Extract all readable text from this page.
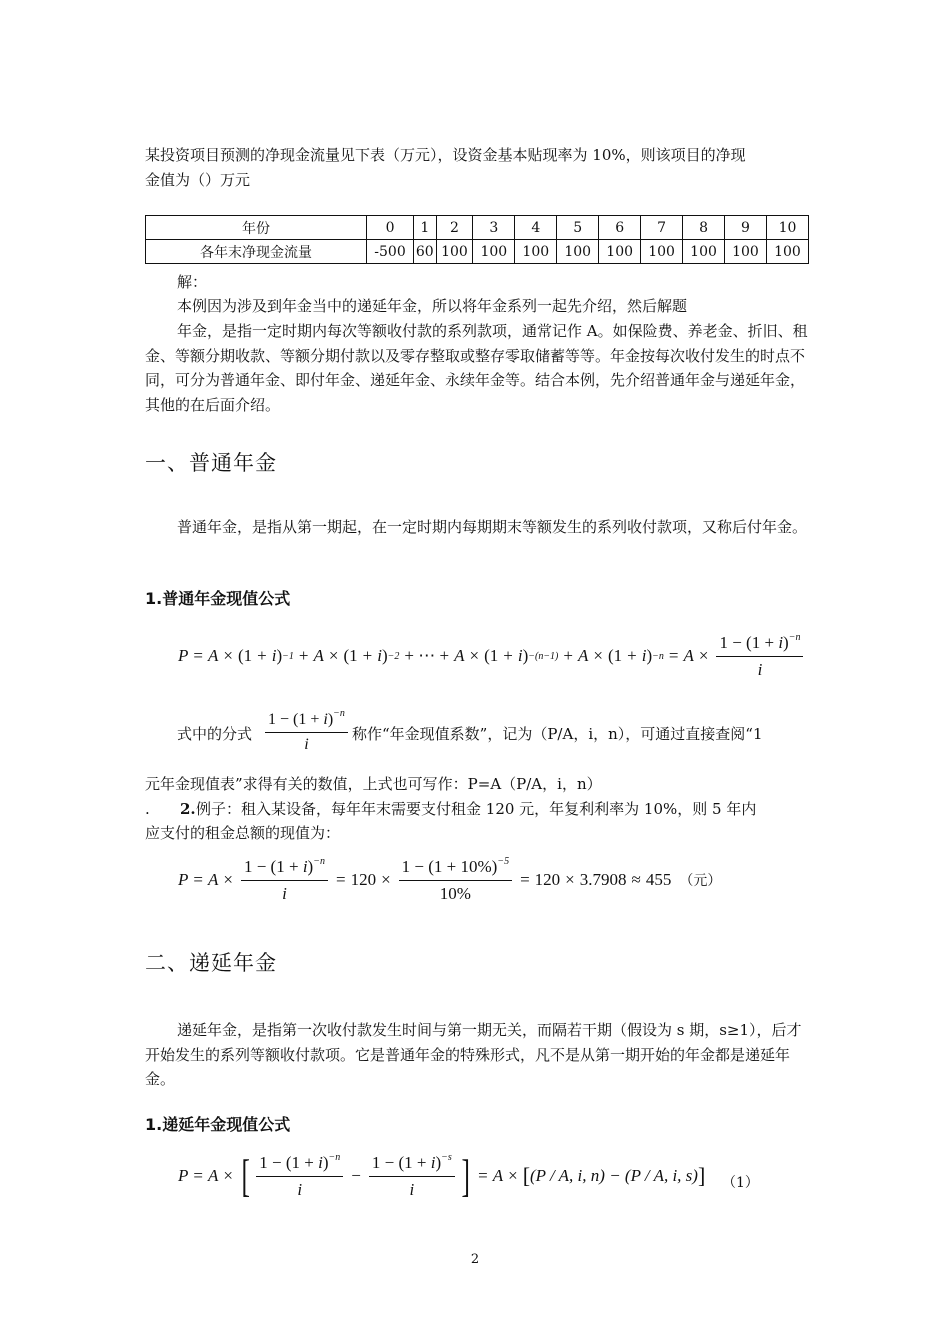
某投资项目预测的净现金流量见下表（万元），设资金基本贴现率为 10%，则该项目的净现

金值为（）万元

年份	0	1	2	3	4	5	6	7	8	9	10
各年末净现金流量	-500	60	100	100	100	100	100	100	100	100	100

解：

本例因为涉及到年金当中的递延年金，所以将年金系列一起先介绍，然后解题

年金，是指一定时期内每次等额收付款的系列款项，通常记作 A。如保险费、养老金、折旧、租金、等额分期收款、等额分期付款以及零存整取或整存零取储蓄等等。年金按每次收付发生的时点不同，可分为普通年金、即付年金、递延年金、永续年金等。结合本例，先介绍普通年金与递延年金，其他的在后面介绍。

一、普通年金

普通年金，是指从第一期起，在一定时期内每期期末等额发生的系列收付款项，又称后付年金。

1.普通年金现值公式
P = A × (1 + i ) −1 + A × (1 + i ) −2 + ⋯ + A × (1 + i ) −(n−1) + A × (1 + i ) $-n = A \times \frac{1 - (1 + i)^{-n}}{i}$

式中的分式 $\frac{1 - (1 + i)^{-n}}{i}$ 称作“年金现值系数”，记为（P/A，i，n），可通过直接查阅“1

元年金现值表”求得有关的数值，上式也可写作：P=A（P/A，i，n）

. 2. 例子：租入某设备，每年年末需要支付租金 120 元，年复利利率为 10%，则 5 年内

应支付的租金总额的现值为：

$P = A \times \frac{1 - (1 + i)^{-n}}{i} = 120 \times \frac{1 - (1 + 10\%)^{-5}}{10\%} = 120 \times 3.7908 \approx 455$ （元）
二、递延年金

递延年金，是指第一次收付款发生时间与第一期无关，而隔若干期（假设为 s 期，s≥1），后才开始发生的系列等额收付款项。它是普通年金的特殊形式，凡不是从第一期开始的年金都是递延年金。

1.递延年金现值公式
P = A × [ $\frac{1 - (1 + i)^{-n}}{i} - \frac{1 - (1 + i)^{-s}}{i}$ ] = A × [ (P / A, i, n) − (P / A, i, s) ] （1）
2
